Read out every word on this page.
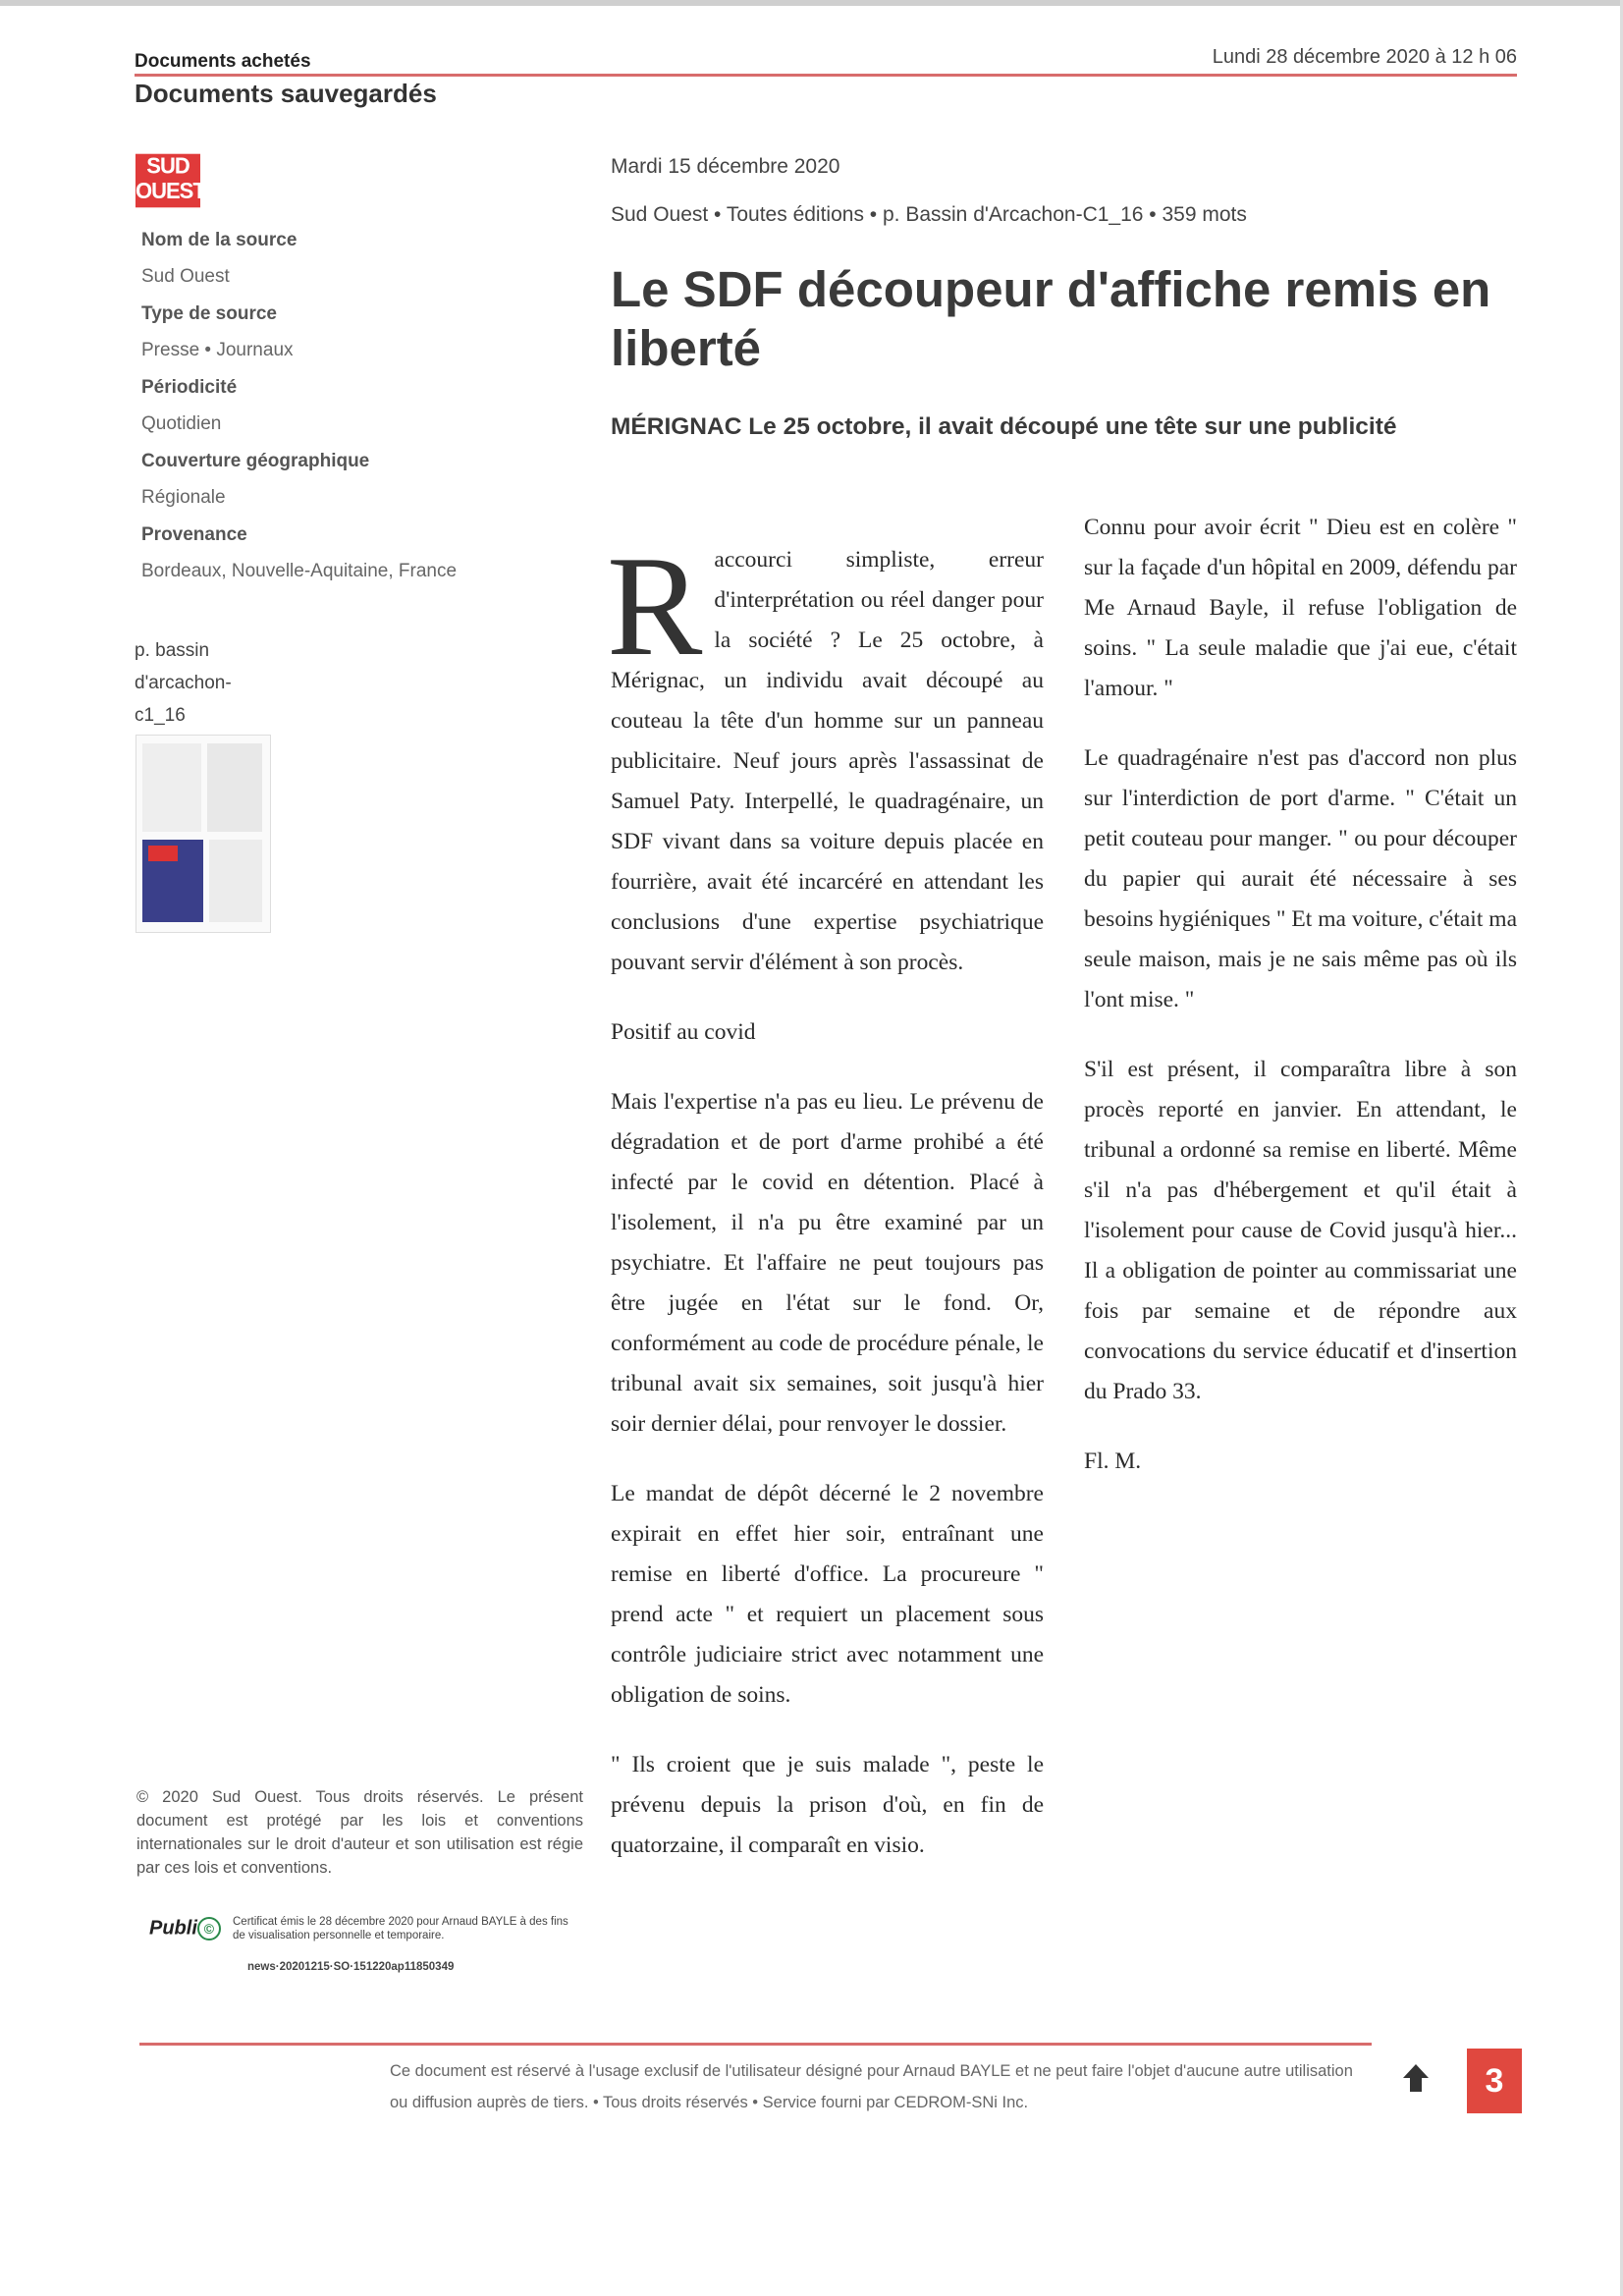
Documents achetés
Documents sauvegardés
Lundi 28 décembre 2020 à 12 h 06
SUD
OUEST
Nom de la source
Sud Ouest
Type de source
Presse • Journaux
Périodicité
Quotidien
Couverture géographique
Régionale
Provenance
Bordeaux, Nouvelle-Aquitaine, France
p. bassin
d'arcachon-
c1_16
© 2020 Sud Ouest. Tous droits réservés. Le présent document est protégé par les lois et conventions internationales sur le droit d'auteur et son utilisation est régie par ces lois et conventions.
Publi ©	Certificat émis le 28 décembre 2020 pour Arnaud BAYLE à des fins de visualisation personnelle et temporaire.
news·20201215·SO·151220ap11850349
Mardi 15 décembre 2020
Sud Ouest • Toutes éditions • p. Bassin d'Arcachon-C1_16 • 359 mots
Le SDF découpeur d'affiche remis en liberté
MÉRIGNAC Le 25 octobre, il avait découpé une tête sur une publicité

Raccourci simpliste, erreur d'interprétation ou réel danger pour la société ? Le 25 octobre, à Mérignac, un individu avait découpé au couteau la tête d'un homme sur un panneau publicitaire. Neuf jours après l'assassinat de Samuel Paty. Interpellé, le quadragénaire, un SDF vivant dans sa voiture depuis placée en fourrière, avait été incarcéré en attendant les conclusions d'une expertise psychiatrique pouvant servir d'élément à son procès.

Positif au covid

Mais l'expertise n'a pas eu lieu. Le prévenu de dégradation et de port d'arme prohibé a été infecté par le covid en détention. Placé à l'isolement, il n'a pu être examiné par un psychiatre. Et l'affaire ne peut toujours pas être jugée en l'état sur le fond. Or, conformément au code de procédure pénale, le tribunal avait six semaines, soit jusqu'à hier soir dernier délai, pour renvoyer le dossier.

Le mandat de dépôt décerné le 2 novembre expirait en effet hier soir, entraînant une remise en liberté d'office. La procureure " prend acte " et requiert un placement sous contrôle judiciaire strict avec notamment une obligation de soins.

" Ils croient que je suis malade ", peste le prévenu depuis la prison d'où, en fin de quatorzaine, il comparaît en visio.

Connu pour avoir écrit " Dieu est en colère " sur la façade d'un hôpital en 2009, défendu par Me Arnaud Bayle, il refuse l'obligation de soins. " La seule maladie que j'ai eue, c'était l'amour. "

Le quadragénaire n'est pas d'accord non plus sur l'interdiction de port d'arme. " C'était un petit couteau pour manger. " ou pour découper du papier qui aurait été nécessaire à ses besoins hygiéniques " Et ma voiture, c'était ma seule maison, mais je ne sais même pas où ils l'ont mise. "

S'il est présent, il comparaîtra libre à son procès reporté en janvier. En attendant, le tribunal a ordonné sa remise en liberté. Même s'il n'a pas d'hébergement et qu'il était à l'isolement pour cause de Covid jusqu'à hier... Il a obligation de pointer au commissariat une fois par semaine et de répondre aux convocations du service éducatif et d'insertion du Prado 33.

Fl. M.

Ce document est réservé à l'usage exclusif de l'utilisateur désigné pour Arnaud BAYLE et ne peut faire l'objet d'aucune autre utilisation ou diffusion auprès de tiers. • Tous droits réservés • Service fourni par CEDROM-SNi Inc.
3
